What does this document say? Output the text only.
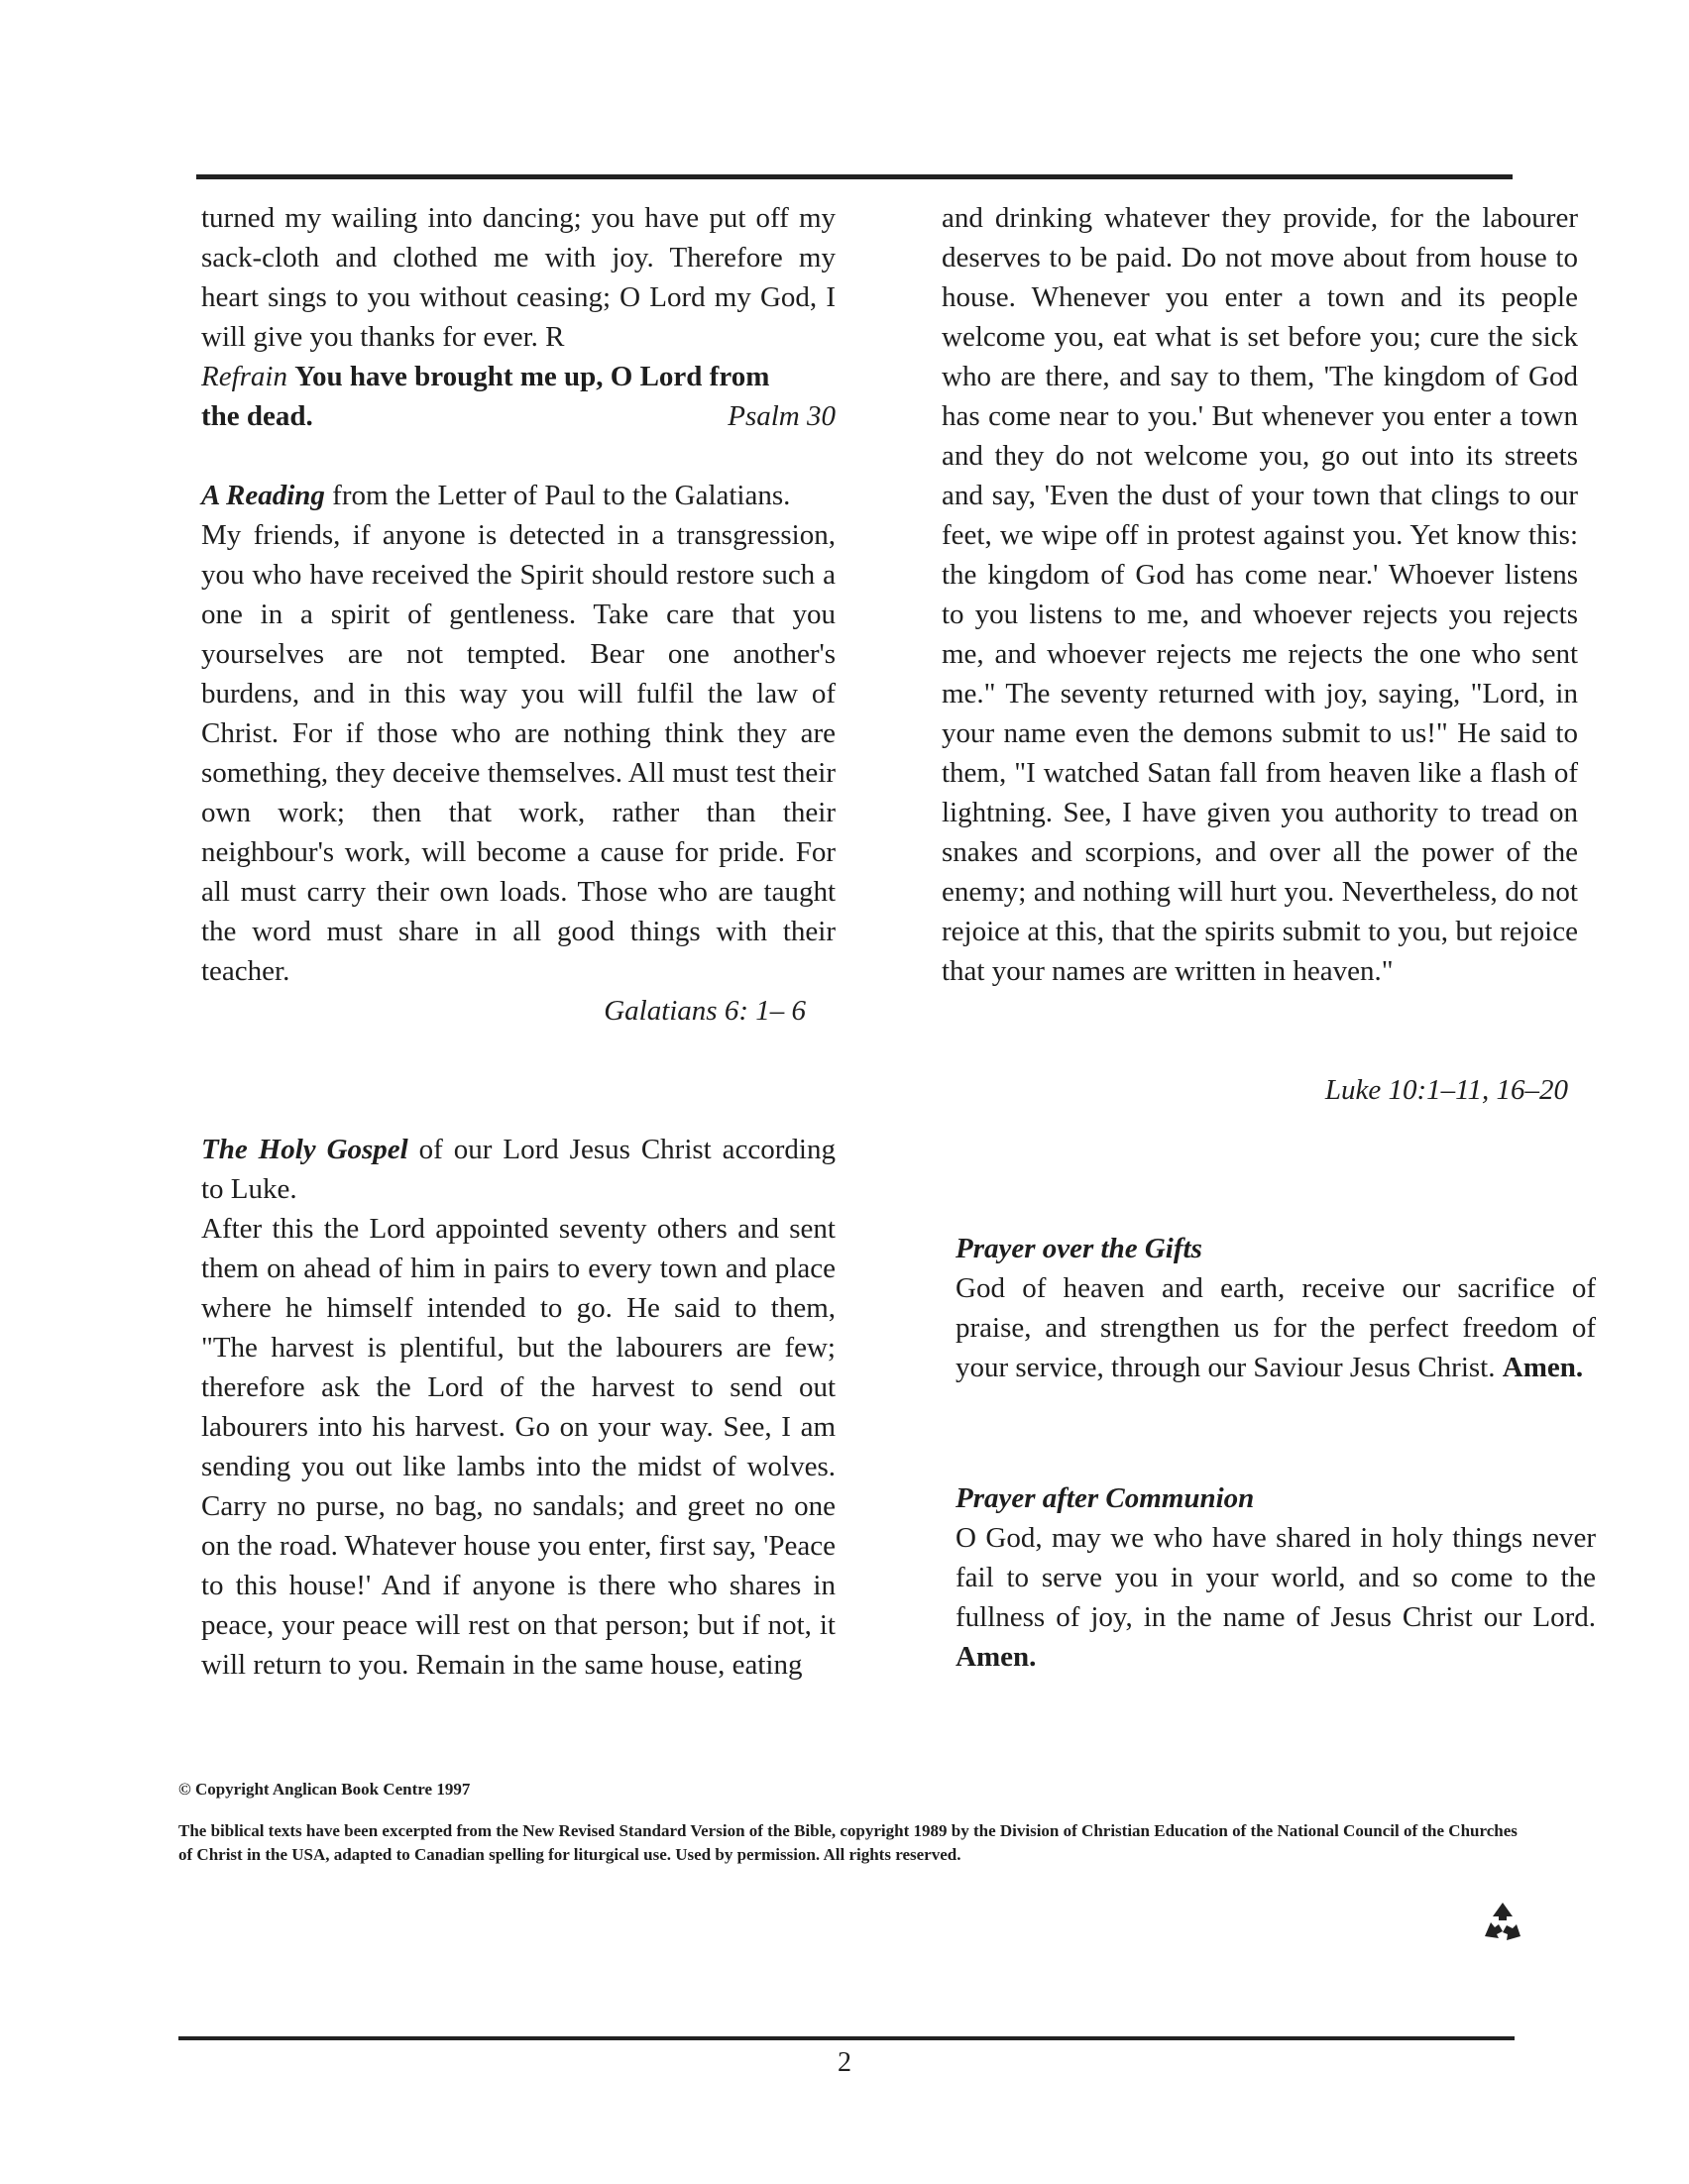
turned my wailing into dancing; you have put off my sack-cloth and clothed me with joy. Therefore my heart sings to you without ceasing; O Lord my God, I will give you thanks for ever. R
Refrain You have brought me up, O Lord from
the dead.	Psalm 30
A Reading from the Letter of Paul to the Galatians.
My friends, if anyone is detected in a transgression, you who have received the Spirit should restore such a one in a spirit of gentleness. Take care that you yourselves are not tempted. Bear one another's burdens, and in this way you will fulfil the law of Christ. For if those who are nothing think they are something, they deceive themselves. All must test their own work; then that work, rather than their neighbour's work, will become a cause for pride. For all must carry their own loads. Those who are taught the word must share in all good things with their teacher.
Galatians 6: 1– 6
The Holy Gospel of our Lord Jesus Christ according to Luke.
After this the Lord appointed seventy others and sent them on ahead of him in pairs to every town and place where he himself intended to go. He said to them, "The harvest is plentiful, but the labourers are few; therefore ask the Lord of the harvest to send out labourers into his harvest. Go on your way. See, I am sending you out like lambs into the midst of wolves. Carry no purse, no bag, no sandals; and greet no one on the road. Whatever house you enter, first say, 'Peace to this house!' And if anyone is there who shares in peace, your peace will rest on that person; but if not, it will return to you. Remain in the same house, eating
and drinking whatever they provide, for the labourer deserves to be paid. Do not move about from house to house. Whenever you enter a town and its people welcome you, eat what is set before you; cure the sick who are there, and say to them, 'The kingdom of God has come near to you.' But whenever you enter a town and they do not welcome you, go out into its streets and say, 'Even the dust of your town that clings to our feet, we wipe off in protest against you. Yet know this: the kingdom of God has come near.' Whoever listens to you listens to me, and whoever rejects you rejects me, and whoever rejects me rejects the one who sent me." The seventy returned with joy, saying, "Lord, in your name even the demons submit to us!" He said to them, "I watched Satan fall from heaven like a flash of lightning. See, I have given you authority to tread on snakes and scorpions, and over all the power of the enemy; and nothing will hurt you. Nevertheless, do not rejoice at this, that the spirits submit to you, but rejoice that your names are written in heaven."
Luke 10:1–11, 16–20
Prayer over the Gifts
God of heaven and earth, receive our sacrifice of praise, and strengthen us for the perfect freedom of your service, through our Saviour Jesus Christ. Amen.
Prayer after Communion
O God, may we who have shared in holy things never fail to serve you in your world, and so come to the fullness of joy, in the name of Jesus Christ our Lord. Amen.
© Copyright Anglican Book Centre 1997
The biblical texts have been excerpted from the New Revised Standard Version of the Bible, copyright 1989 by the Division of Christian Education of the National Council of the Churches of Christ in the USA, adapted to Canadian spelling for liturgical use. Used by permission. All rights reserved.
2
